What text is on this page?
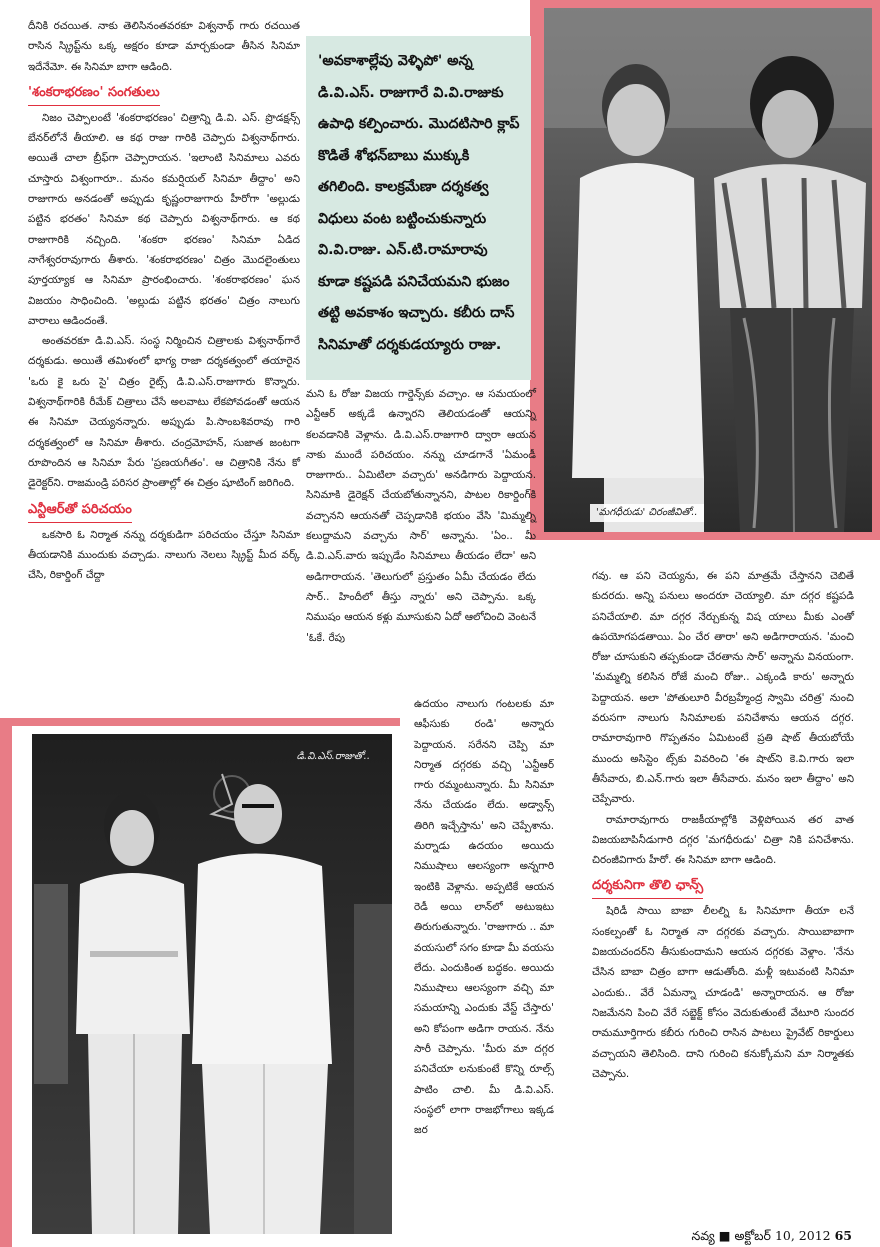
దీనికి రచయిత. నాకు తెలిసినంతవరకూ విశ్వనాథ్ గారు రచయిత రాసిన స్క్రిప్ట్‌ను ఒక్క అక్షరం కూడా మార్చకుండా తీసిన సినిమా ఇదేనేమో. ఈ సినిమా బాగా ఆడింది.

'శంకరాభరణం' సంగతులు

నిజం చెప్పాలంటే 'శంకరాభరణం' చిత్రాన్ని డి.వి. ఎస్. ప్రొడక్షన్స్ బేనర్‌లోనే తీయాలి. ఆ కథ రాజు గారికి చెప్పారు విశ్వనాథ్‌గారు. అయితే చాలా బ్రీఫ్‌గా చెప్పారాయన. 'ఇలాంటి సినిమాలు ఎవరు చూస్తారు విశ్వంగారూ.. మనం కమర్షియల్ సినిమా తీద్దాం' అని రాజుగారు అనడంతో అప్పుడు కృష్ణంరాజుగారు హీరోగా 'అల్లుడు పట్టిన భరతం' సినిమా కథ చెప్పారు విశ్వనాథ్‌గారు. ఆ కథ రాజుగారికి నచ్చింది. 'శంకరా భరణం' సినిమా ఏడిద నాగేశ్వరరావుగారు తీశారు. 'శంకరాభరణం' చిత్రం మొదలైంతులు పూర్తయ్యాక ఆ సినిమా ప్రారంభించారు. 'శంకరాభరణం' ఘన విజయం సాధించింది. 'అల్లుడు పట్టిన భరతం' చిత్రం నాలుగు వారాలు ఆడిందంతే.

అంతవరకూ డి.వి.ఎస్. సంస్థ నిర్మించిన చిత్రాలకు విశ్వనాథ్‌గారే దర్శకుడు. అయితే తమిళంలో భాగ్య రాజా దర్శకత్వంలో తయారైన 'ఒరు కై ఒరు సై' చిత్రం రైట్స్ డి.వి.ఎస్.రాజుగారు కొన్నారు. విశ్వనాథ్‌గారికి రీమేక్ చిత్రాలు చేసే అలవాటు లేకపోవడంతో ఆయన ఈ సినిమా చెయ్యనన్నారు. అప్పుడు పి.సాంబశివరావు గారి దర్శకత్వంలో ఆ సినిమా తీశారు. చంద్రమోహన్, సుజాత జంటగా రూపొందిన ఆ సినిమా పేరు 'ప్రణయగీతం'. ఆ చిత్రానికి నేను కో డైరెక్టర్‌ని. రాజమండ్రి పరిసర ప్రాంతాల్లో ఈ చిత్రం షూటింగ్ జరిగింది.

ఎన్టీఆర్‌తో పరిచయం

ఒకసారి ఓ నిర్మాత నన్ను దర్శకుడిగా పరిచయం చేస్తూ సినిమా తీయడానికి ముందుకు వచ్చాడు. నాలుగు నెలలు స్క్రిప్ట్ మీద వర్క్ చేసి, రికార్డింగ్ చేద్దా

'అవకాశాల్లేవు వెళ్ళిపో' అన్న డి.వి.ఎస్. రాజుగారే వి.వి.రాజుకు ఉపాధి కల్పించారు. మొదటిసారి క్లాప్ కొడితే శోభన్‌బాబు ముక్కుకి తగిలింది. కాలక్రమేణా దర్శకత్వ విధులు వంట బట్టించుకున్నారు వి.వి.రాజు. ఎన్.టి.రామారావు కూడా కష్టపడి పనిచేయమని భుజం తట్టి అవకాశం ఇచ్చారు. కబీరు దాస్ సినిమాతో దర్శకుడయ్యారు రాజు.

మని ఓ రోజు విజయ గార్డెన్స్‌కు వచ్చాం. ఆ సమయంలో ఎన్టీఆర్ అక్కడే ఉన్నారని తెలియడంతో ఆయన్ని కలవడానికి వెళ్లాను. డి.వి.ఎస్.రాజుగారి ద్వారా ఆయన నాకు ముందే పరిచయం. నన్ను చూడగానే 'ఏమండీ రాజుగారు.. ఏమిటిలా వచ్చారు' అనడిగారు పెద్దాయన. సినిమాకి డైరెక్షన్ చేయబోతున్నానని, పాటల రికార్డింగ్‌కి వచ్చానని ఆయనతో చెప్పడానికి భయం వేసి 'మిమ్మల్ని కలుద్దామని వచ్చాను సార్' అన్నాను. 'ఏం.. మీ డి.వి.ఎస్.వారు ఇప్పుడేం సినిమాలు తీయడం లేదా' అని అడిగారాయన. 'తెలుగులో ప్రస్తుతం ఏమీ చేయడం లేదు సార్.. హిందీలో తీస్తు న్నారు' అని చెప్పాను. ఒక్క నిముషం ఆయన కళ్లు మూసుకుని ఏదో ఆలోచించి వెంటనే 'ఓకే. రేపు

ఉదయం నాలుగు గంటలకు మా ఆఫీసుకు రండి' అన్నారు పెద్దాయన. సరేనని చెప్పి మా నిర్మాత దగ్గరకు వచ్చి 'ఎన్టీఆర్ గారు రమ్మంటున్నారు. మీ సినిమా నేను చేయడం లేదు. అడ్వాన్స్ తిరిగి ఇచ్చేస్తాను' అని చెప్పేశాను. మర్నాడు ఉదయం అయిదు నిముషాలు ఆలస్యంగా అన్నగారి ఇంటికి వెళ్లాను. అప్పటికే ఆయన రెడీ అయి లాన్‌లో అటుఇటు తిరుగుతున్నారు. 'రాజుగారు .. మా వయసులో సగం కూడా మీ వయసు లేదు. ఎందుకింత బద్ధకం. అయిదు నిముషాలు ఆలస్యంగా వచ్చి మా సమయాన్ని ఎందుకు వేస్ట్ చేస్తారు' అని కోపంగా అడిగా రాయన. నేను సారీ చెప్పాను. 'మీరు మా దగ్గర పనిచేయా లనుకుంటే కొన్ని రూల్స్ పాటిం చాలి. మీ డి.వి.ఎస్. సంస్థలో లాగా రాజభోగాలు ఇక్కడ జర

గవు. ఆ పని చెయ్యను, ఈ పని మాత్రమే చేస్తానని చెబితే కుదరదు. అన్ని పనులు అందరూ చెయ్యాలి. మా దగ్గర కష్టపడి పనిచేయాలి. మా దగ్గర నేర్చుకున్న విష యాలు మీకు ఎంతో ఉపయోగపడతాయి. ఏం చేర తారా' అని అడిగారాయన. 'మంచి రోజు చూసుకుని తప్పకుండా చేరతాను సార్' అన్నాను వినయంగా. 'మమ్మల్ని కలిసిన రోజే మంచి రోజు.. ఎక్కండి కారు' అన్నారు పెద్దాయన. అలా 'పోతులూరి వీరబ్రహ్మేంద్ర స్వామి చరిత్ర' నుంచి వరుసగా నాలుగు సినిమాలకు పనిచేశాను ఆయన దగ్గర. రామారావుగారి గొప్పతనం ఏమిటంటే ప్రతి షాట్ తీయబోయే ముందు అసిస్టెం ట్స్‌కు వివరించి 'ఈ షాట్‌ని కె.వి.గారు ఇలా తీసేవారు, బి.ఎన్.గారు ఇలా తీసేవారు. మనం ఇలా తీద్దాం' అని చెప్పేవారు.

రామారావుగారు రాజకీయాల్లోకి వెళ్లిపోయిన తర వాత విజయబాపినీడుగారి దగ్గర 'మగధీరుడు' చిత్రా నికి పనిచేశాను. చిరంజీవిగారు హీరో. ఈ సినిమా బాగా ఆడింది.

దర్శకునిగా తొలి ఛాన్స్

షిరిడీ సాయి బాబా లీలల్ని ఓ సినిమాగా తీయా లనే సంకల్పంతో ఓ నిర్మాత నా దగ్గరకు వచ్చారు. సాయిబాబాగా విజయచందర్‌ని తీసుకుందామని ఆయన దగ్గరకు వెళ్లాం. 'నేను చేసిన బాబా చిత్రం బాగా ఆడుతోంది. మళ్లీ ఇటువంటి సినిమా ఎందుకు.. వేరే ఏమన్నా చూడండి' అన్నారాయన. ఆ రోజు నిజమేనని పించి వేరే సబ్జెక్ట్ కోసం వెదుకుతుంటే వేటూరి సుందర రామమూర్తిగారు కబీరు గురించి రాసిన పాటలు ప్రైవేట్ రికార్డులు వచ్చాయని తెలిసింది. దాని గురించి కనుక్కోమని మా నిర్మాతకు చెప్పాను.

'మగధీరుడు' చిరంజీవితో..
డి.వి.ఎస్.రాజుతో..
నవ్య ■ అక్టోబర్ 10, 2012 65
